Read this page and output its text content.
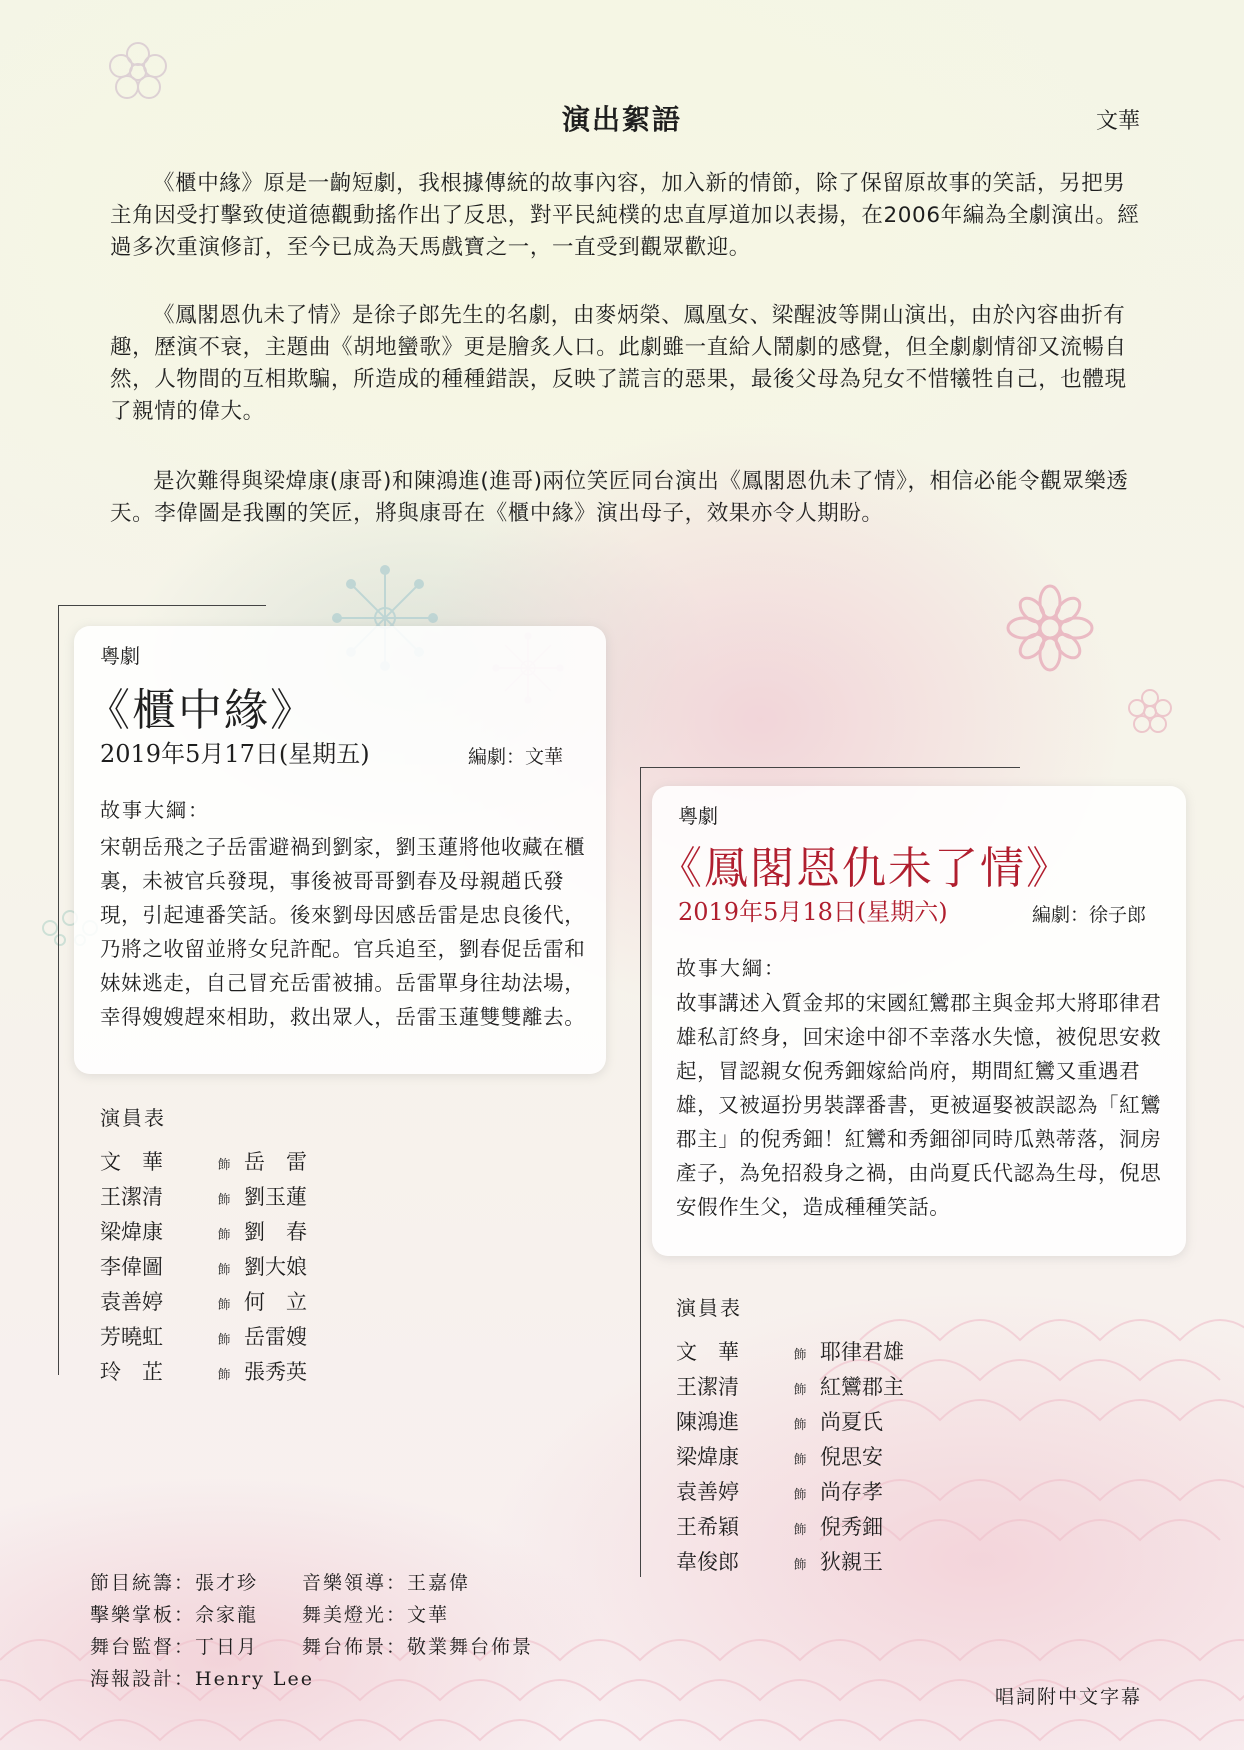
演出絮語	文華
《櫃中緣》原是一齣短劇，我根據傳統的故事內容，加入新的情節，除了保留原故事的笑話，另把男主角因受打擊致使道德觀動搖作出了反思，對平民純樸的忠直厚道加以表揚，在2006年編為全劇演出。經過多次重演修訂，至今已成為天馬戲寶之一，一直受到觀眾歡迎。
《鳳閣恩仇未了情》是徐子郎先生的名劇，由麥炳榮、鳳凰女、梁醒波等開山演出，由於內容曲折有趣，歷演不衰，主題曲《胡地蠻歌》更是膾炙人口。此劇雖一直給人鬧劇的感覺，但全劇劇情卻又流暢自然，人物間的互相欺騙，所造成的種種錯誤，反映了謊言的惡果，最後父母為兒女不惜犧牲自己，也體現了親情的偉大。
是次難得與梁煒康(康哥)和陳鴻進(進哥)兩位笑匠同台演出《鳳閣恩仇未了情》，相信必能令觀眾樂透天。李偉圖是我團的笑匠，將與康哥在《櫃中緣》演出母子，效果亦令人期盼。
粵劇
《櫃中緣》
2019年5月17日(星期五)	編劇：文華
故事大綱：
宋朝岳飛之子岳雷避禍到劉家，劉玉蓮將他收藏在櫃裏，未被官兵發現，事後被哥哥劉春及母親趙氏發現，引起連番笑話。後來劉母因感岳雷是忠良後代，乃將之收留並將女兒許配。官兵追至，劉春促岳雷和妹妹逃走，自己冒充岳雷被捕。岳雷單身往劫法場，幸得嫂嫂趕來相助，救出眾人，岳雷玉蓮雙雙離去。
演員表
文　華	飾 岳　雷
王潔清	飾 劉玉蓮
梁煒康	飾 劉　春
李偉圖	飾 劉大娘
袁善婷	飾 何　立
芳曉虹	飾 岳雷嫂
玲　芷	飾 張秀英
粵劇
《鳳閣恩仇未了情》
2019年5月18日(星期六)	編劇：徐子郎
故事大綱：
故事講述入質金邦的宋國紅鸞郡主與金邦大將耶律君雄私訂終身，回宋途中卻不幸落水失憶，被倪思安救起，冒認親女倪秀鈿嫁給尚府，期間紅鸞又重遇君雄，又被逼扮男裝譯番書，更被逼娶被誤認為「紅鸞郡主」的倪秀鈿！紅鸞和秀鈿卻同時瓜熟蒂落，洞房產子，為免招殺身之禍，由尚夏氏代認為生母，倪思安假作生父，造成種種笑話。
演員表
文　華	飾 耶律君雄
王潔清	飾 紅鸞郡主
陳鴻進	飾 尚夏氏
梁煒康	飾 倪思安
袁善婷	飾 尚存孝
王希穎	飾 倪秀鈿
韋俊郎	飾 狄親王
節目統籌：張才珍 音樂領導：王嘉偉
擊樂掌板：佘家龍 舞美燈光：文華
舞台監督：丁日月 舞台佈景：敬業舞台佈景
海報設計：Henry Lee
唱詞附中文字幕
